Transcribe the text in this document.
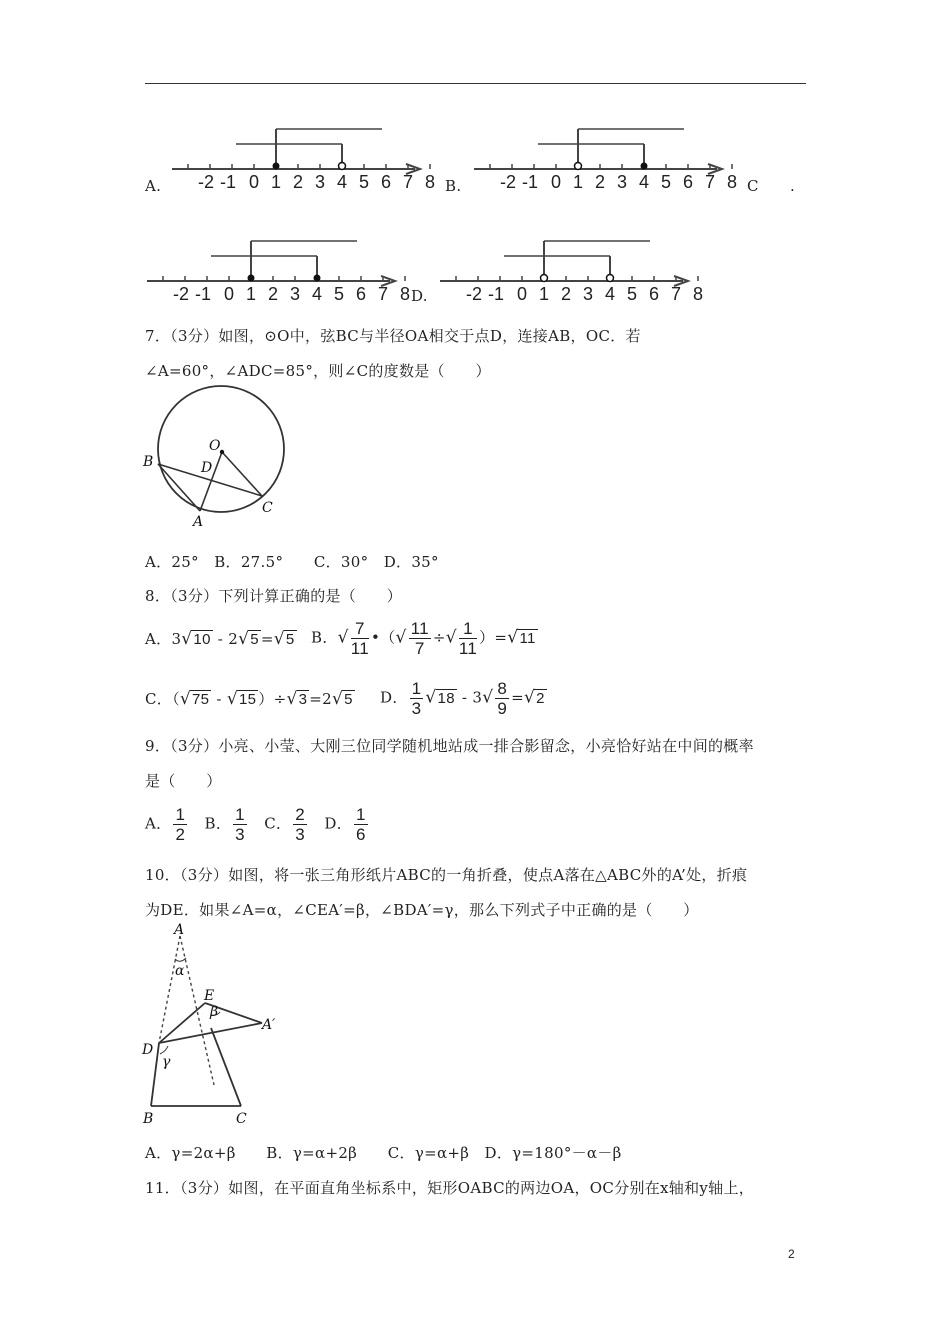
A.	B.	C .
D.
-2 -1 0 1 2 3 4 5 6 7 8	-2 -1 0 1 2 3 4 5 6 7 8
-2 -1 0 1 2 3 4 5 6 7 8	-2 -1 0 1 2 3 4 5 6 7 8
7．（3分）如图，⊙O中，弦BC与半径OA相交于点D，连接AB，OC．若
∠A=60°，∠ADC=85°，则∠C的度数是（　　）
O
B	D
A
C
A．25°　B．27.5°　　C．30°　D．35°
8．（3分）下列计算正确的是（　　）
A．3√10 - 2√5 =√5 B．√ $\frac{7}{11}$ •（√ $\frac{11}{7}$ ÷√ $\frac{1}{11} )=√11$
C．（√75 - √15 ）÷√3 =2√5 D． $\frac{1}{3} √18 - 3√ \frac{8}{9} =√2$
9．（3分）小亮、小莹、大刚三位同学随机地站成一排合影留念，小亮恰好站在中间的概率
是（　　）
A． $\frac{1}{2}$
　 B． $\frac{1}{3}$
　 C． $\frac{2}{3}$
　 D． $\frac{1}{6}$
10．（3分）如图，将一张三角形纸片ABC的一角折叠，使点A落在△ABC外的A’处，折痕
为DE．如果∠A=α，∠CEA′=β，∠BDA′=γ，那么下列式子中正确的是（　　）
A
α
E
β
A′
D
γ
B	C
A．γ=2α+β　　B．γ=α+2β　　C．γ=α+β　D．γ=180°－α－β
11．（3分）如图，在平面直角坐标系中，矩形OABC的两边OA，OC分别在x轴和y轴上，
2
